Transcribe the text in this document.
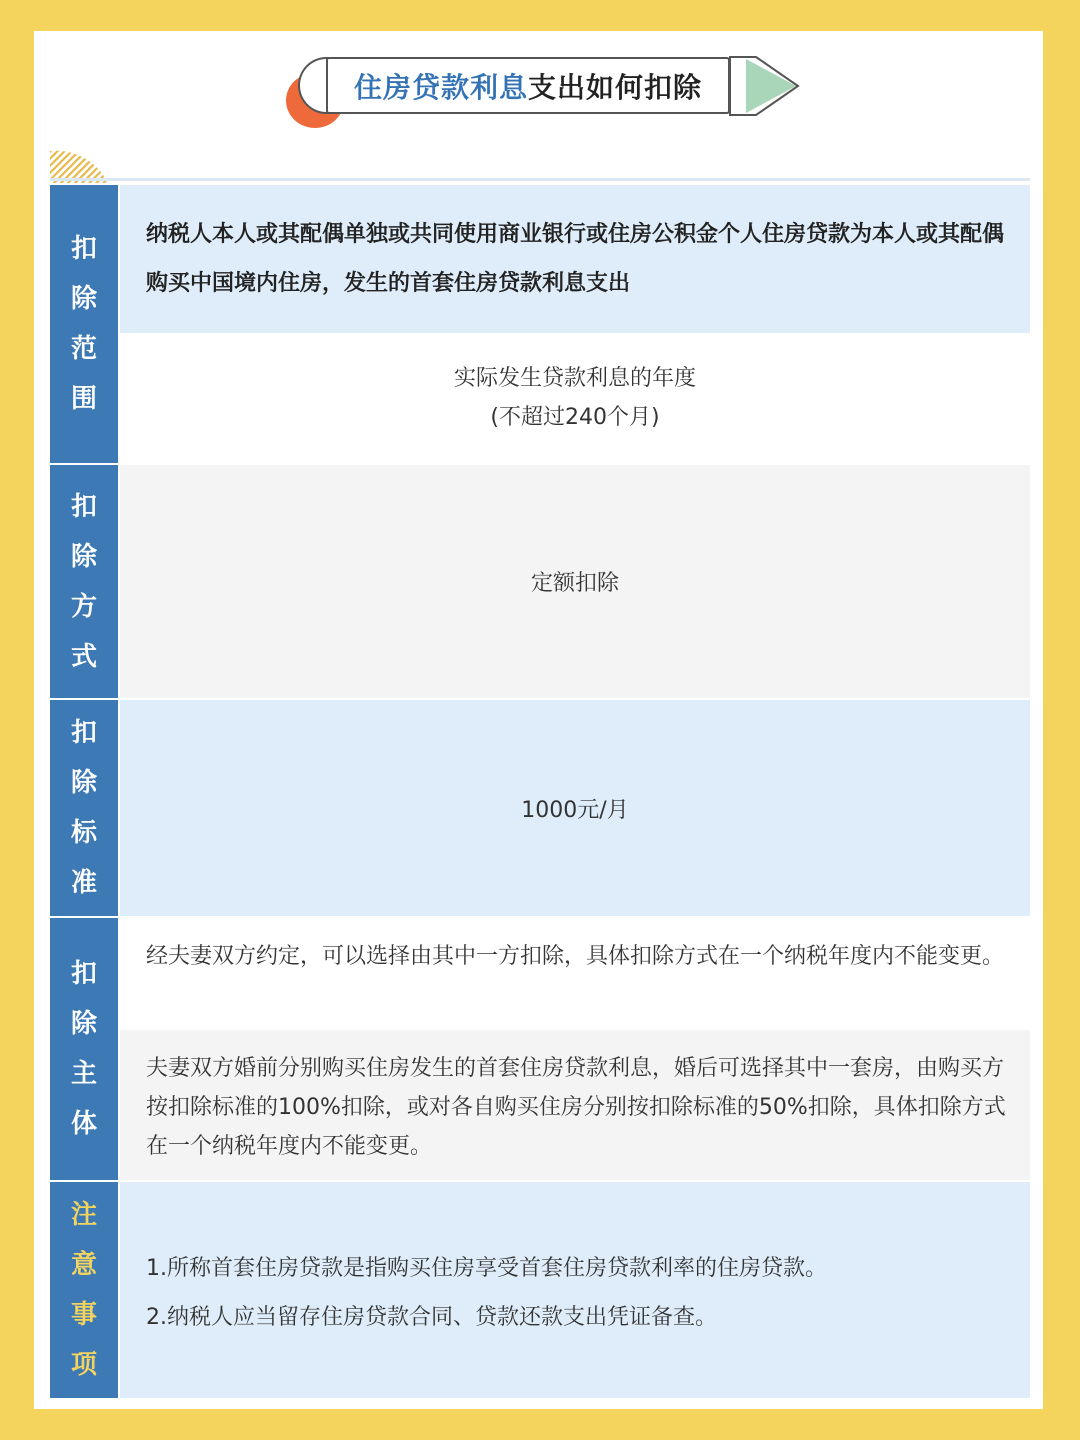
住房贷款利息 支出如何扣除
扣
除
范
围
纳税人本人或其配偶单独或共同使用商业银行或住房公积金个人住房贷款为本人或其配偶购买中国境内住房，发生的首套住房贷款利息支出
实际发生贷款利息的年度
(不超过240个月)
扣
除
方
式
定额扣除
扣
除
标
准
1000元/月
扣
除
主
体
经夫妻双方约定，可以选择由其中一方扣除，具体扣除方式在一个纳税年度内不能变更。
夫妻双方婚前分别购买住房发生的首套住房贷款利息，婚后可选择其中一套房，由购买方按扣除标准的100%扣除，或对各自购买住房分别按扣除标准的50%扣除，具体扣除方式在一个纳税年度内不能变更。
注
意
事
项
1.所称首套住房贷款是指购买住房享受首套住房贷款利率的住房贷款。
2.纳税人应当留存住房贷款合同、贷款还款支出凭证备查。
